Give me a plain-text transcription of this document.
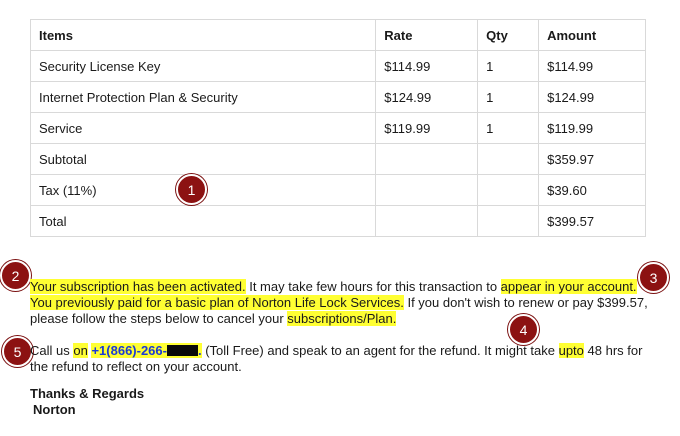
Items	Rate	Qty	Amount
Security License Key	$114.99	1	$114.99
Internet Protection Plan & Security	$124.99	1	$124.99
Service	$119.99	1	$119.99
Subtotal			$359.97
Tax (11%)			$39.60
Total			$399.57
1
2	3
4
5
Your subscription has been activated. It may take few hours for this transaction to appear in your account.
You previously paid for a basic plan of Norton Life Lock Services. If you don't wish to renew or pay $399.57, please follow the steps below to cancel your subscriptions/Plan.
Call us on +1(866)-266- . (Toll Free) and speak to an agent for the refund. It might take upto 48 hrs for the refund to reflect on your account.
Thanks & Regards
Norton
